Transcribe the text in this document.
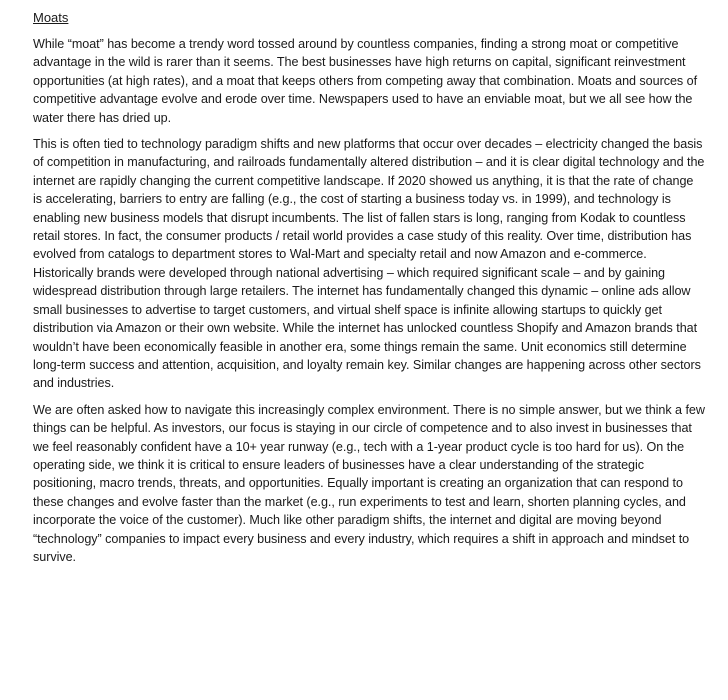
Moats

While “moat” has become a trendy word tossed around by countless companies, finding a strong moat or competitive advantage in the wild is rarer than it seems. The best businesses have high returns on capital, significant reinvestment opportunities (at high rates), and a moat that keeps others from competing away that combination. Moats and sources of competitive advantage evolve and erode over time. Newspapers used to have an enviable moat, but we all see how the water there has dried up.

This is often tied to technology paradigm shifts and new platforms that occur over decades – electricity changed the basis of competition in manufacturing, and railroads fundamentally altered distribution – and it is clear digital technology and the internet are rapidly changing the current competitive landscape. If 2020 showed us anything, it is that the rate of change is accelerating, barriers to entry are falling (e.g., the cost of starting a business today vs. in 1999), and technology is enabling new business models that disrupt incumbents. The list of fallen stars is long, ranging from Kodak to countless retail stores. In fact, the consumer products / retail world provides a case study of this reality. Over time, distribution has evolved from catalogs to department stores to Wal-Mart and specialty retail and now Amazon and e-commerce. Historically brands were developed through national advertising – which required significant scale – and by gaining widespread distribution through large retailers. The internet has fundamentally changed this dynamic – online ads allow small businesses to advertise to target customers, and virtual shelf space is infinite allowing startups to quickly get distribution via Amazon or their own website. While the internet has unlocked countless Shopify and Amazon brands that wouldn’t have been economically feasible in another era, some things remain the same. Unit economics still determine long-term success and attention, acquisition, and loyalty remain key. Similar changes are happening across other sectors and industries.

We are often asked how to navigate this increasingly complex environment. There is no simple answer, but we think a few things can be helpful. As investors, our focus is staying in our circle of competence and to also invest in businesses that we feel reasonably confident have a 10+ year runway (e.g., tech with a 1-year product cycle is too hard for us). On the operating side, we think it is critical to ensure leaders of businesses have a clear understanding of the strategic positioning, macro trends, threats, and opportunities. Equally important is creating an organization that can respond to these changes and evolve faster than the market (e.g., run experiments to test and learn, shorten planning cycles, and incorporate the voice of the customer). Much like other paradigm shifts, the internet and digital are moving beyond “technology” companies to impact every business and every industry, which requires a shift in approach and mindset to survive.
